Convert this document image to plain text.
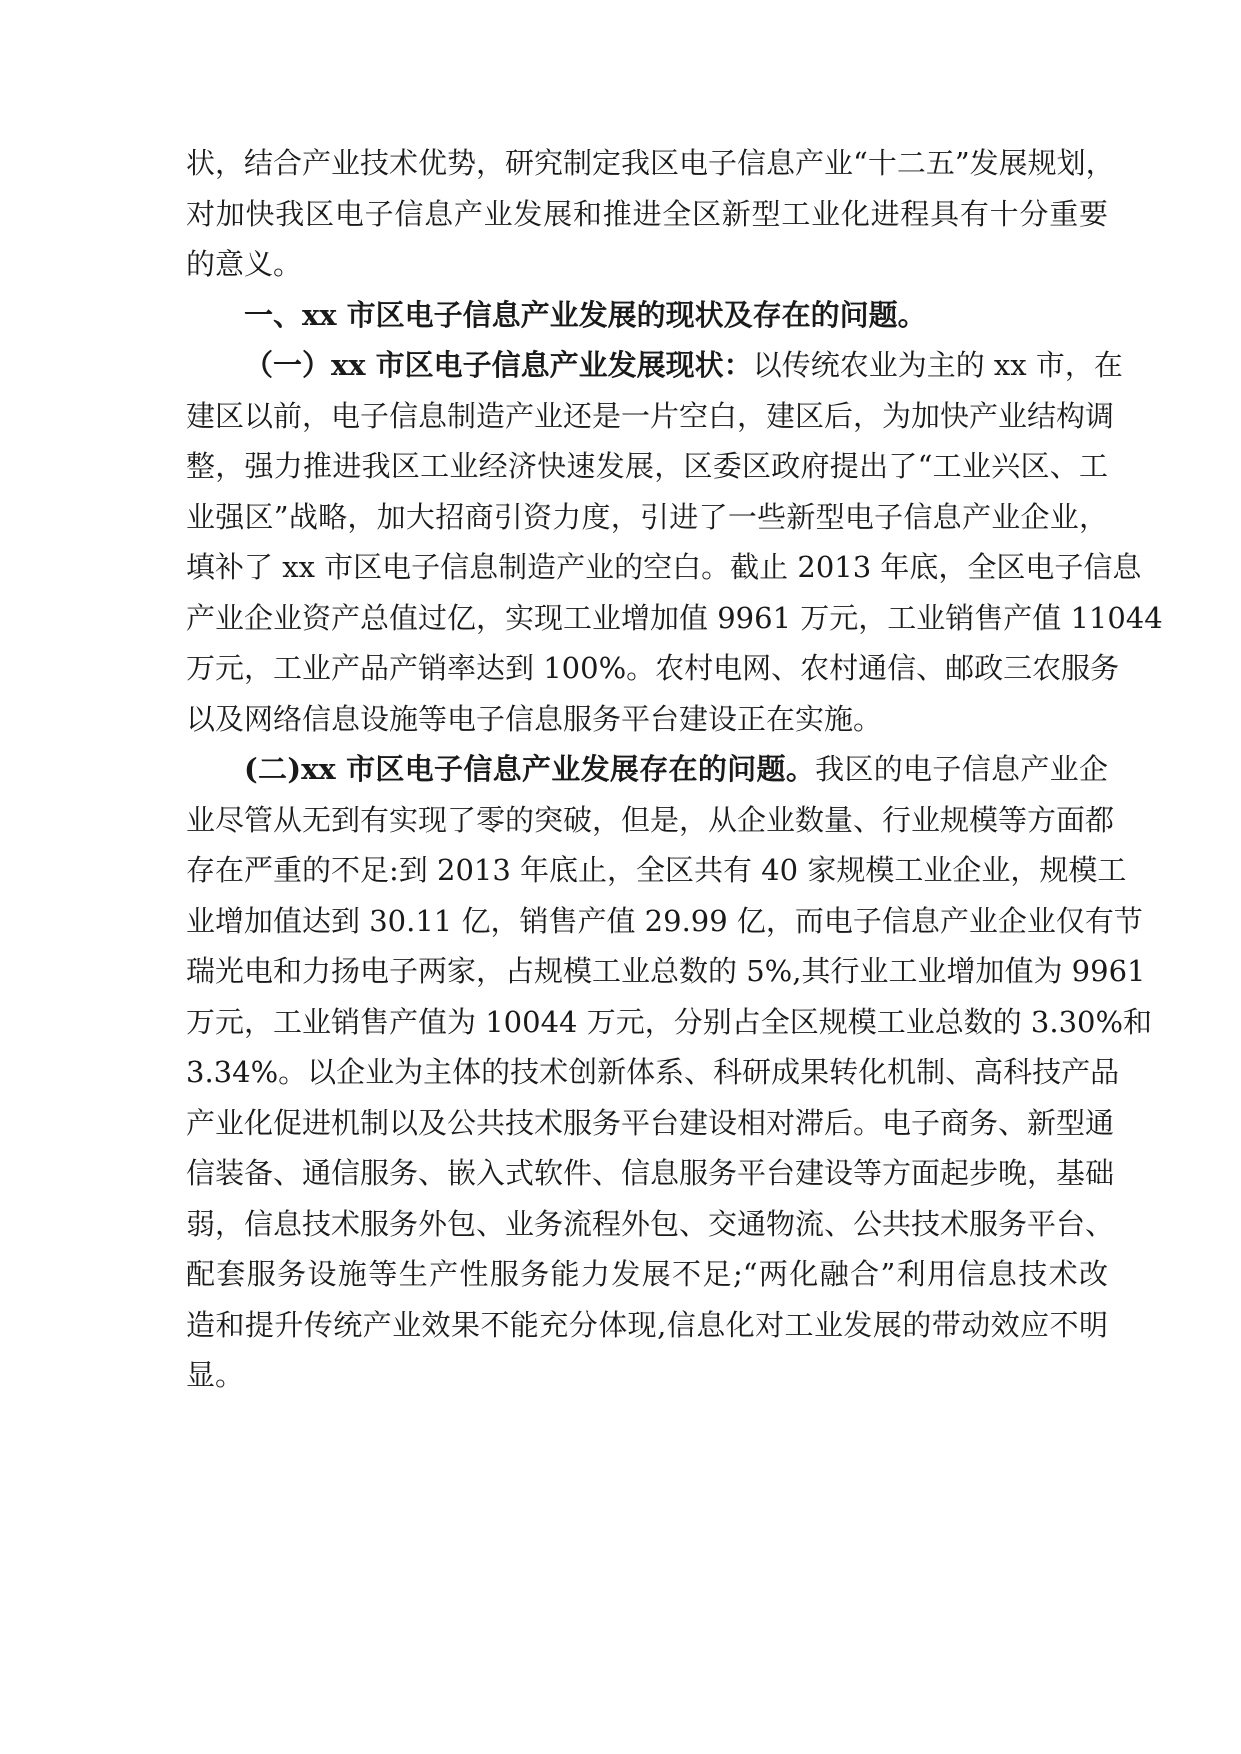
状，结合产业技术优势，研究制定我区电子信息产业“十二五”发展规划，
对加快我区电子信息产业发展和推进全区新型工业化进程具有十分重要
的意义。
一、xx 市区电子信息产业发展的现状及存在的问题。
（一）xx 市区电子信息产业发展现状：以传统农业为主的 xx 市，在
建区以前，电子信息制造产业还是一片空白，建区后，为加快产业结构调
整，强力推进我区工业经济快速发展，区委区政府提出了“工业兴区、工
业强区”战略，加大招商引资力度，引进了一些新型电子信息产业企业，
填补了 xx 市区电子信息制造产业的空白。截止 2013 年底，全区电子信息
产业企业资产总值过亿，实现工业增加值 9961 万元，工业销售产值 11044
万元，工业产品产销率达到 100%。农村电网、农村通信、邮政三农服务
以及网络信息设施等电子信息服务平台建设正在实施。
(二)xx 市区电子信息产业发展存在的问题。我区的电子信息产业企
业尽管从无到有实现了零的突破，但是，从企业数量、行业规模等方面都
存在严重的不足:到 2013 年底止，全区共有 40 家规模工业企业，规模工
业增加值达到 30.11 亿，销售产值 29.99 亿，而电子信息产业企业仅有节
瑞光电和力扬电子两家，占规模工业总数的 5%,其行业工业增加值为 9961
万元，工业销售产值为 10044 万元，分别占全区规模工业总数的 3.30%和
3.34%。以企业为主体的技术创新体系、科研成果转化机制、高科技产品
产业化促进机制以及公共技术服务平台建设相对滞后。电子商务、新型通
信装备、通信服务、嵌入式软件、信息服务平台建设等方面起步晚，基础
弱，信息技术服务外包、业务流程外包、交通物流、公共技术服务平台、
配套服务设施等生产性服务能力发展不足;“两化融合”利用信息技术改
造和提升传统产业效果不能充分体现,信息化对工业发展的带动效应不明
显。
